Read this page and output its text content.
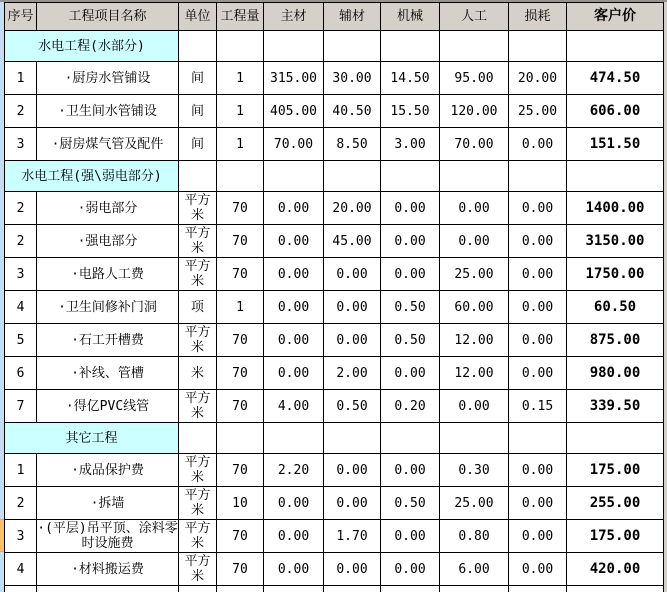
序号	工程项目名称	单位	工程量	主材	辅材	机械	人工	损耗	客户价
水电工程(水部分)									
1	·厨房水管铺设	间	1	315.00	30.00	14.50	95.00	20.00	474.50
2	·卫生间水管铺设	间	1	405.00	40.50	15.50	120.00	25.00	606.00
3	·厨房煤气管及配件	间	1	70.00	8.50	3.00	70.00	0.00	151.50
水电工程(强\弱电部分)									
2	·弱电部分	平方米	70	0.00	20.00	0.00	0.00	0.00	1400.00
2	·强电部分	平方米	70	0.00	45.00	0.00	0.00	0.00	3150.00
3	·电路人工费	平方米	70	0.00	0.00	0.00	25.00	0.00	1750.00
4	·卫生间修补门洞	项	1	0.00	0.00	0.50	60.00	0.00	60.50
5	·石工开槽费	平方米	70	0.00	0.00	0.50	12.00	0.00	875.00
6	·补线、管槽	米	70	0.00	2.00	0.00	12.00	0.00	980.00
7	·得亿PVC线管	平方米	70	4.00	0.50	0.20	0.00	0.15	339.50
其它工程									
1	·成品保护费	平方米	70	2.20	0.00	0.00	0.30	0.00	175.00
2	·拆墙	平方米	10	0.00	0.00	0.50	25.00	0.00	255.00
3	·(平层)吊平顶、涂料零时设施费	平方米	70	0.00	1.70	0.00	0.80	0.00	175.00
4	·材料搬运费	平方米	70	0.00	0.00	0.00	6.00	0.00	420.00
